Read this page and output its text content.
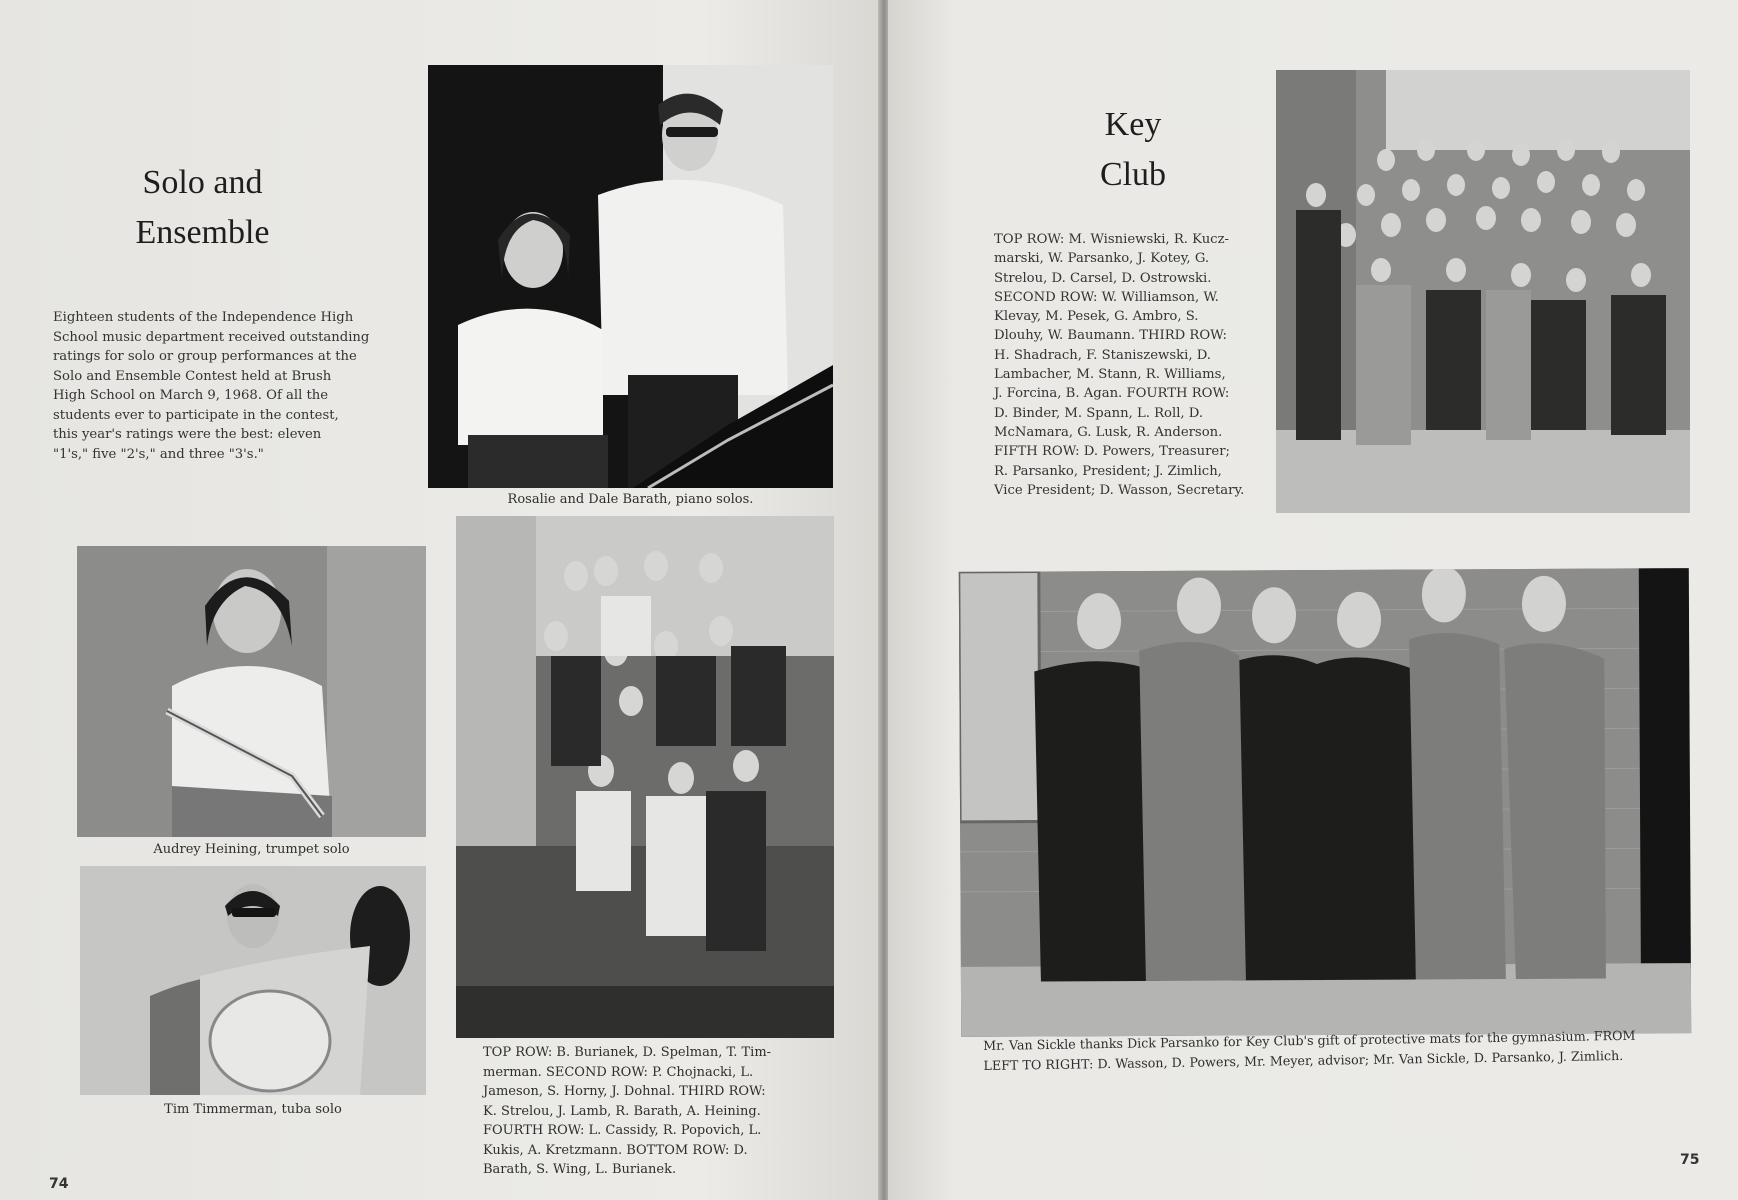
Solo and
Ensemble
Eighteen students of the Independence High
School music department received outstanding
ratings for solo or group performances at the
Solo and Ensemble Contest held at Brush
High School on March 9, 1968. Of all the
students ever to participate in the contest,
this year's ratings were the best: eleven
"1's," five "2's," and three "3's."
Rosalie and Dale Barath, piano solos.
Audrey Heining, trumpet solo
Tim Timmerman, tuba solo
TOP ROW: B. Burianek, D. Spelman, T. Tim-
merman. SECOND ROW: P. Chojnacki, L.
Jameson, S. Horny, J. Dohnal. THIRD ROW:
K. Strelou, J. Lamb, R. Barath, A. Heining.
FOURTH ROW: L. Cassidy, R. Popovich, L.
Kukis, A. Kretzmann. BOTTOM ROW: D.
Barath, S. Wing, L. Burianek.
74
Key
Club
TOP ROW: M. Wisniewski, R. Kucz-
marski, W. Parsanko, J. Kotey, G.
Strelou, D. Carsel, D. Ostrowski.
SECOND ROW: W. Williamson, W.
Klevay, M. Pesek, G. Ambro, S.
Dlouhy, W. Baumann. THIRD ROW:
H. Shadrach, F. Staniszewski, D.
Lambacher, M. Stann, R. Williams,
J. Forcina, B. Agan. FOURTH ROW:
D. Binder, M. Spann, L. Roll, D.
McNamara, G. Lusk, R. Anderson.
FIFTH ROW: D. Powers, Treasurer;
R. Parsanko, President; J. Zimlich,
Vice President; D. Wasson, Secretary.
Mr. Van Sickle thanks Dick Parsanko for Key Club's gift of protective mats for the gymnasium. FROM
LEFT TO RIGHT: D. Wasson, D. Powers, Mr. Meyer, advisor; Mr. Van Sickle, D. Parsanko, J. Zimlich.
75
